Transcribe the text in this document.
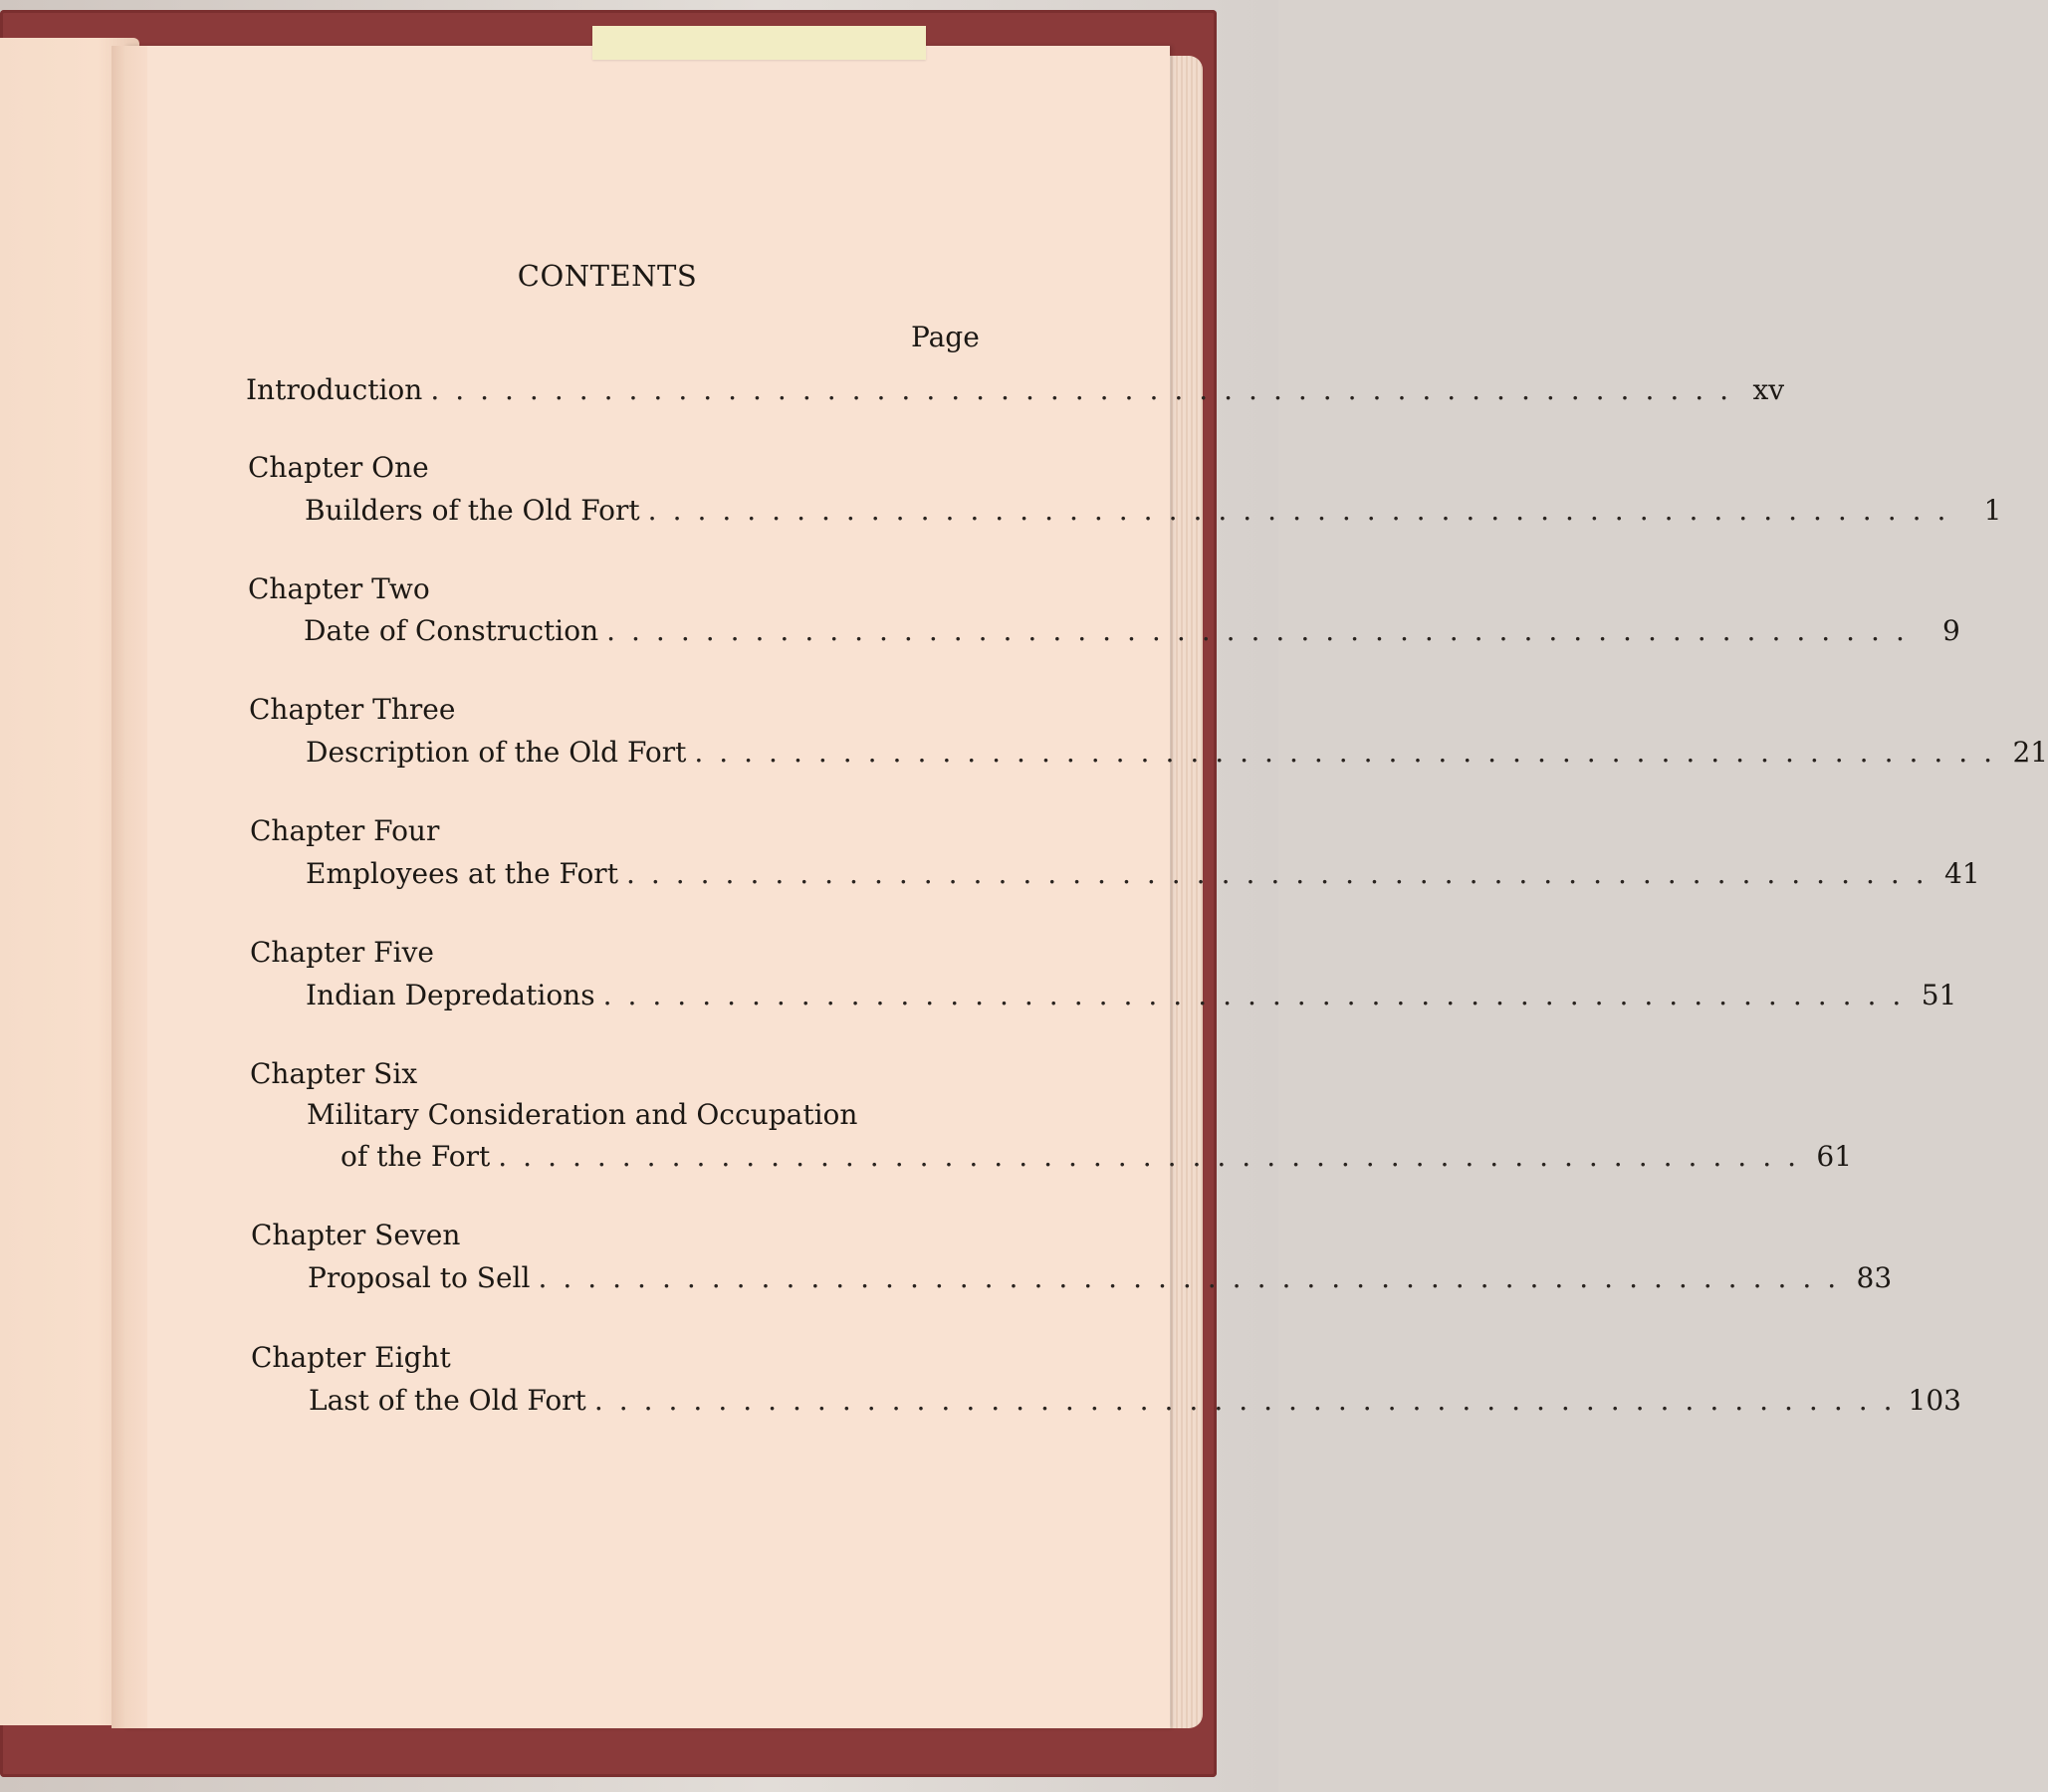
CONTENTS
Page
Introduction ..................................................... xv
Chapter One
Builders of the Old Fort ..................................................... 1
Chapter Two
Date of Construction ..................................................... 9
Chapter Three
Description of the Old Fort ..................................................... 21
Chapter Four
Employees at the Fort ..................................................... 41
Chapter Five
Indian Depredations ..................................................... 51
Chapter Six
Military Consideration and Occupation
of the Fort ..................................................... 61
Chapter Seven
Proposal to Sell ..................................................... 83
Chapter Eight
Last of the Old Fort ..................................................... 103
